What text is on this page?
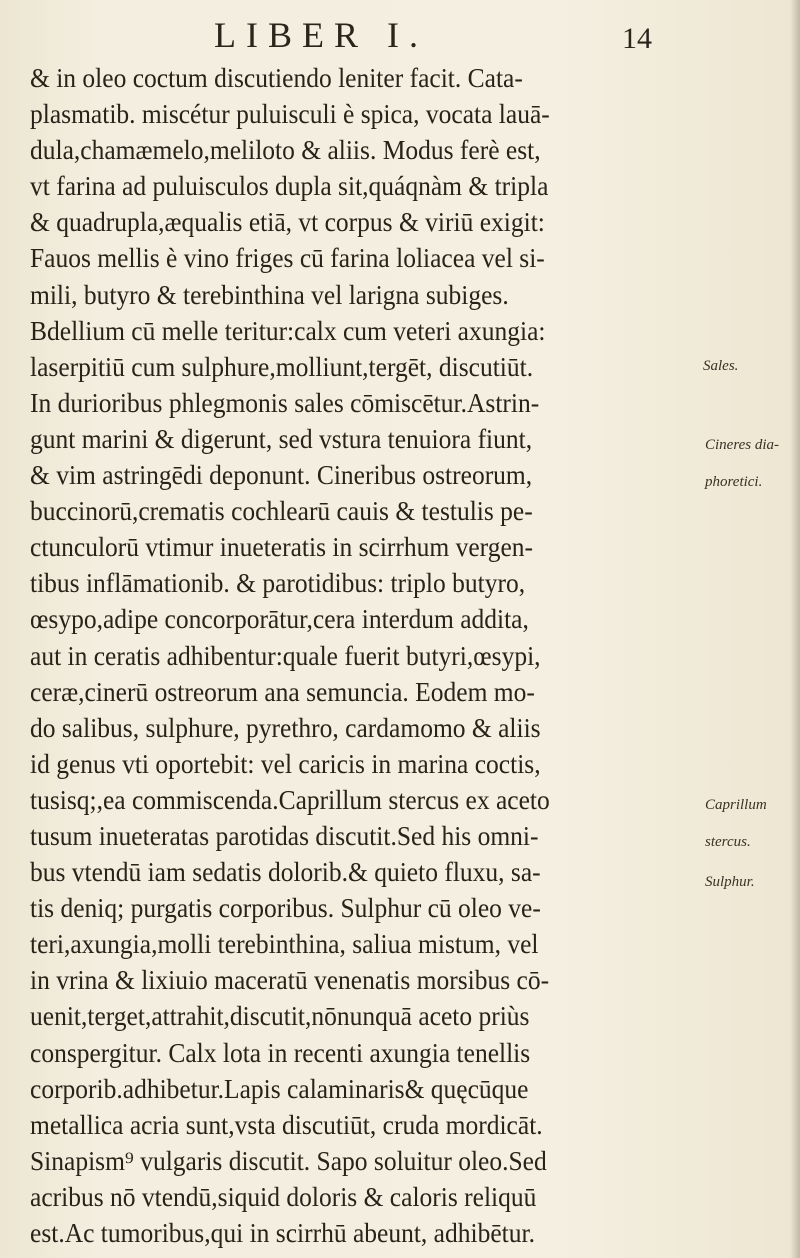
LIBER I.	14
& in oleo coctum discutiendo leniter facit. Cata-
plasmatib. miscétur puluisculi è spica, vocata lauā-
dula,chamæmelo,meliloto & aliis. Modus ferè est,
vt farina ad puluisculos dupla sit,quáqnàm & tripla
& quadrupla,æqualis etiā, vt corpus & viriū exigit:
Fauos mellis è vino friges cū farina loliacea vel si-
mili, butyro & terebinthina vel larigna subiges.
Bdellium cū melle teritur:calx cum veteri axungia:
laserpitiū cum sulphure,molliunt,tergēt, discutiūt.
In durioribus phlegmonis sales cōmiscētur.Astrin-
gunt marini & digerunt, sed vstura tenuiora fiunt,
& vim astringēdi deponunt. Cineribus ostreorum,
buccinorū,crematis cochlearū cauis & testulis pe-
ctunculorū vtimur inueteratis in scirrhum vergen-
tibus inflāmationib. & parotidibus: triplo butyro,
œsypo,adipe concorporātur,cera interdum addita,
aut in ceratis adhibentur:quale fuerit butyri,œsypi,
ceræ,cinerū ostreorum ana semuncia. Eodem mo-
do salibus, sulphure, pyrethro, cardamomo & aliis
id genus vti oportebit: vel caricis in marina coctis,
tusisq;,ea commiscenda.Caprillum stercus ex aceto
tusum inueteratas parotidas discutit.Sed his omni-
bus vtendū iam sedatis dolorib.& quieto fluxu, sa-
tis deniq; purgatis corporibus. Sulphur cū oleo ve-
teri,axungia,molli terebinthina, saliua mistum, vel
in vrina & lixiuio maceratū venenatis morsibus cō-
uenit,terget,attrahit,discutit,nōnunquā aceto priùs
conspergitur. Calx lota in recenti axungia tenellis
corporib.adhibetur.Lapis calaminaris& quęcūque
metallica acria sunt,vsta discutiūt, cruda mordicāt.
Sinapism⁹ vulgaris discutit. Sapo soluitur oleo.Sed
acribus nō vtendū,siquid doloris & caloris reliquū
est.Ac tumoribus,qui in scirrhū abeunt, adhibētur.
Sales.
Cineres dia-
phoretici.
Caprillum
stercus.
Sulphur.
